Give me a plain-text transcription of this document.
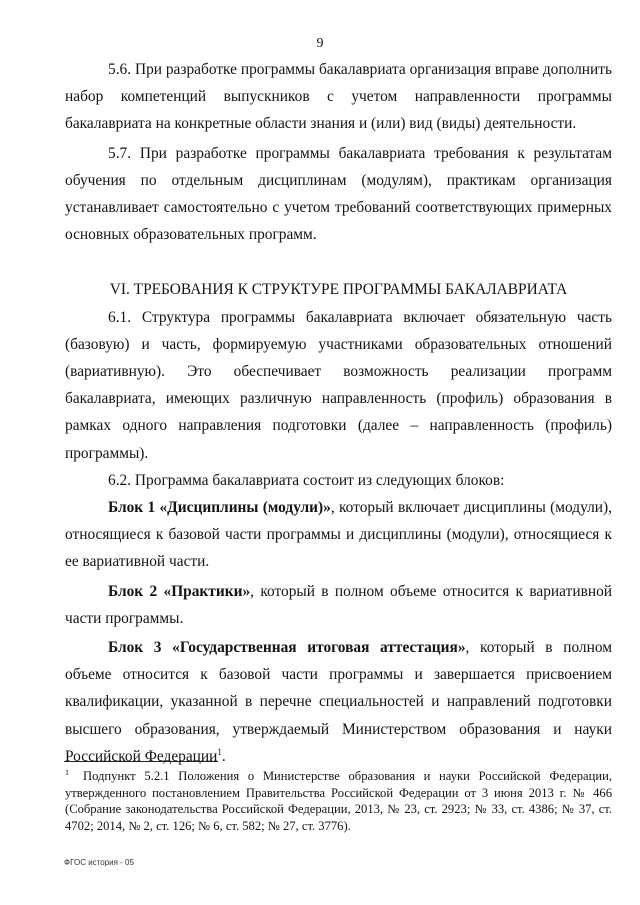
9

5.6. При разработке программы бакалавриата организация вправе дополнить набор компетенций выпускников с учетом направленности программы бакалавриата на конкретные области знания и (или) вид (виды) деятельности.

5.7. При разработке программы бакалавриата требования к результатам обучения по отдельным дисциплинам (модулям), практикам организация устанавливает самостоятельно с учетом требований соответствующих примерных основных образовательных программ.

VI. ТРЕБОВАНИЯ К СТРУКТУРЕ ПРОГРАММЫ БАКАЛАВРИАТА

6.1. Структура программы бакалавриата включает обязательную часть (базовую) и часть, формируемую участниками образовательных отношений (вариативную). Это обеспечивает возможность реализации программ бакалавриата, имеющих различную направленность (профиль) образования в рамках одного направления подготовки (далее – направленность (профиль) программы).

6.2. Программа бакалавриата состоит из следующих блоков:

Блок 1 «Дисциплины (модули)», который включает дисциплины (модули), относящиеся к базовой части программы и дисциплины (модули), относящиеся к ее вариативной части.

Блок 2 «Практики», который в полном объеме относится к вариативной части программы.

Блок 3 «Государственная итоговая аттестация», который в полном объеме относится к базовой части программы и завершается присвоением квалификации, указанной в перечне специальностей и направлений подготовки высшего образования, утверждаемый Министерством образования и науки Российской Федерации$^1$.

$^1$ Подпункт 5.2.1 Положения о Министерстве образования и науки Российской Федерации, утвержденного постановлением Правительства Российской Федерации от 3 июня 2013 г. № 466 (Собрание законодательства Российской Федерации, 2013, № 23, ст. 2923; № 33, ст. 4386; № 37, ст. 4702; 2014, № 2, ст. 126; № 6, ст. 582; № 27, ст. 3776).
ФГОС история - 05
